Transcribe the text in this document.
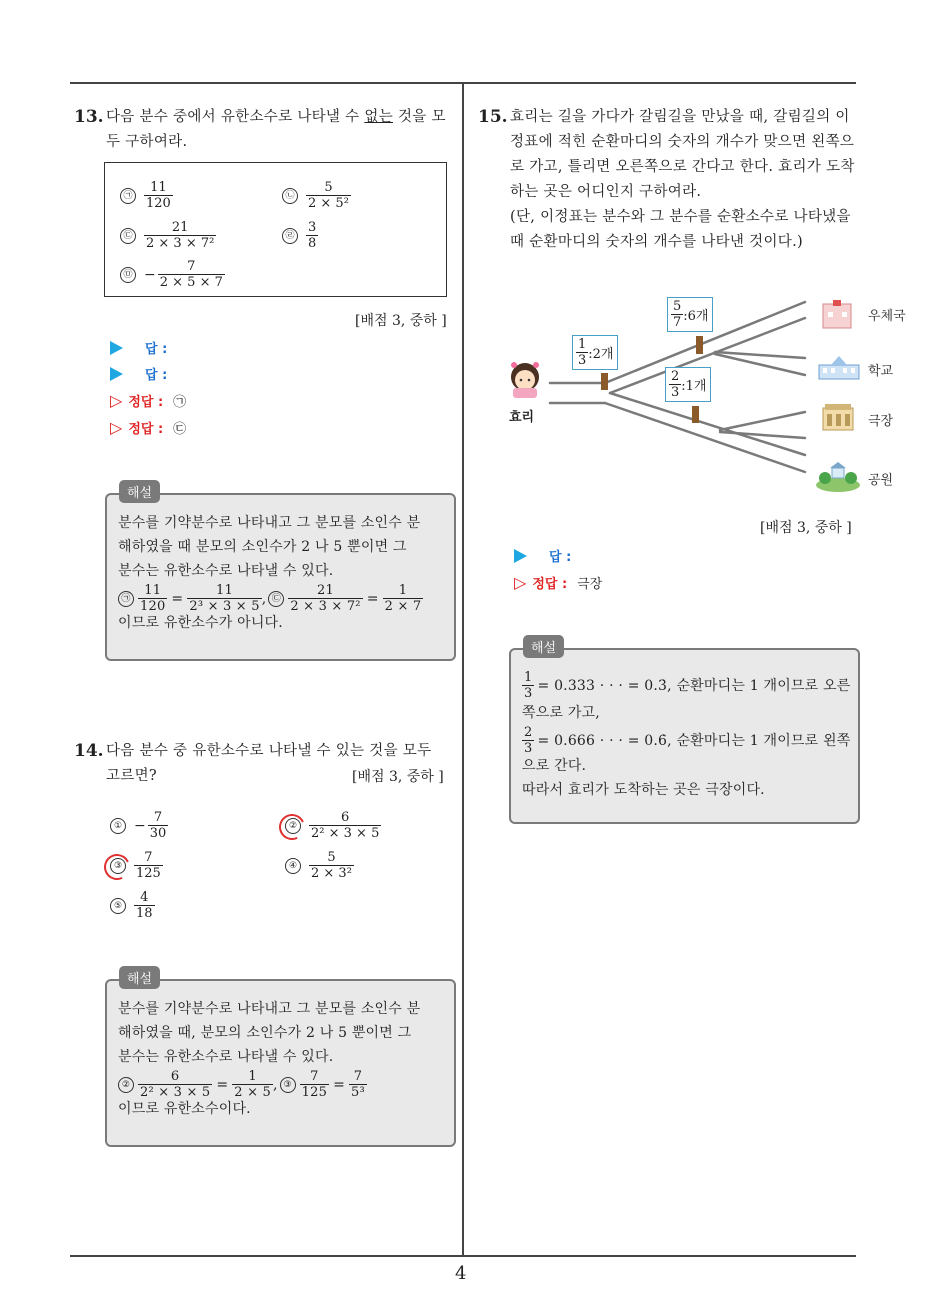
4
13. 다음 분수 중에서 유한소수로 나타낼 수 없는 것을 모
두 구하여라.
㉠ $\frac{11}{120}$	㉡ $\frac{5}{\text{2 × 5²}}$
㉢ $\frac{21}{\text{2 × 3 × 7²}}$	㉣ $\frac{3}{8}$
㉤ − $\frac{7}{2 \times 5 \times 7}$
[배점 3, 중하 ]
답 :
답 :
▷ 정답 : ㉠
▷ 정답 : ㉢
해설
분수를 기약분수로 나타내고 그 분모를 소인수 분
해하였을 때 분모의 소인수가 2 나 5 뿐이면 그
분수는 유한소수로 나타낼 수 있다.
㉠ $\frac{11}{120} = \frac{11}{\text{2³ × 3 × 5}}$ , ㉢ $\frac{21}{\text{2 × 3 × 7²}} = \frac{1}{2 \times 7}$
이므로 유한소수가 아니다.
14. 다음 분수 중 유한소수로 나타낼 수 있는 것을 모두
고르면?	[배점 3, 중하 ]
① − $\frac{7}{30}$	② $\frac{6}{\text{2² × 3 × 5}}$
③ $\frac{7}{125}$	④ $\frac{5}{\text{2 × 3²}}$
⑤ $\frac{4}{18}$
해설
분수를 기약분수로 나타내고 그 분모를 소인수 분
해하였을 때, 분모의 소인수가 2 나 5 뿐이면 그
분수는 유한소수로 나타낼 수 있다.
② $\frac{6}{\text{2² × 3 × 5}} = \frac{1}{2 \times 5}$ , ③ $\frac{7}{125} = \frac{7}{\text{5³}}$
이므로 유한소수이다.
15. 효리는 길을 가다가 갈림길을 만났을 때, 갈림길의 이
정표에 적힌 순환마디의 숫자의 개수가 맞으면 왼쪽으
로 가고, 틀리면 오른쪽으로 간다고 한다. 효리가 도착
하는 곳은 어디인지 구하여라.
(단, 이정표는 분수와 그 분수를 순환소수로 나타냈을
때 순환마디의 숫자의 개수를 나타낸 것이다.)
$\frac{1}{3}$ :2개
$\frac{5}{7}$ :6개
$\frac{2}{3}$ :1개
효리
우체국
학교
극장
공원
[배점 3, 중하 ]
답 :
▷ 정답 : 극장
해설
$\frac{1}{3} = 0.333$ · · · = 0.3̇, 순환마디는 1 개이므로 오른
쪽으로 가고,
$\frac{2}{3} = 0.666$ · · · = 0.6̇, 순환마디는 1 개이므로 왼쪽
으로 간다.
따라서 효리가 도착하는 곳은 극장이다.
